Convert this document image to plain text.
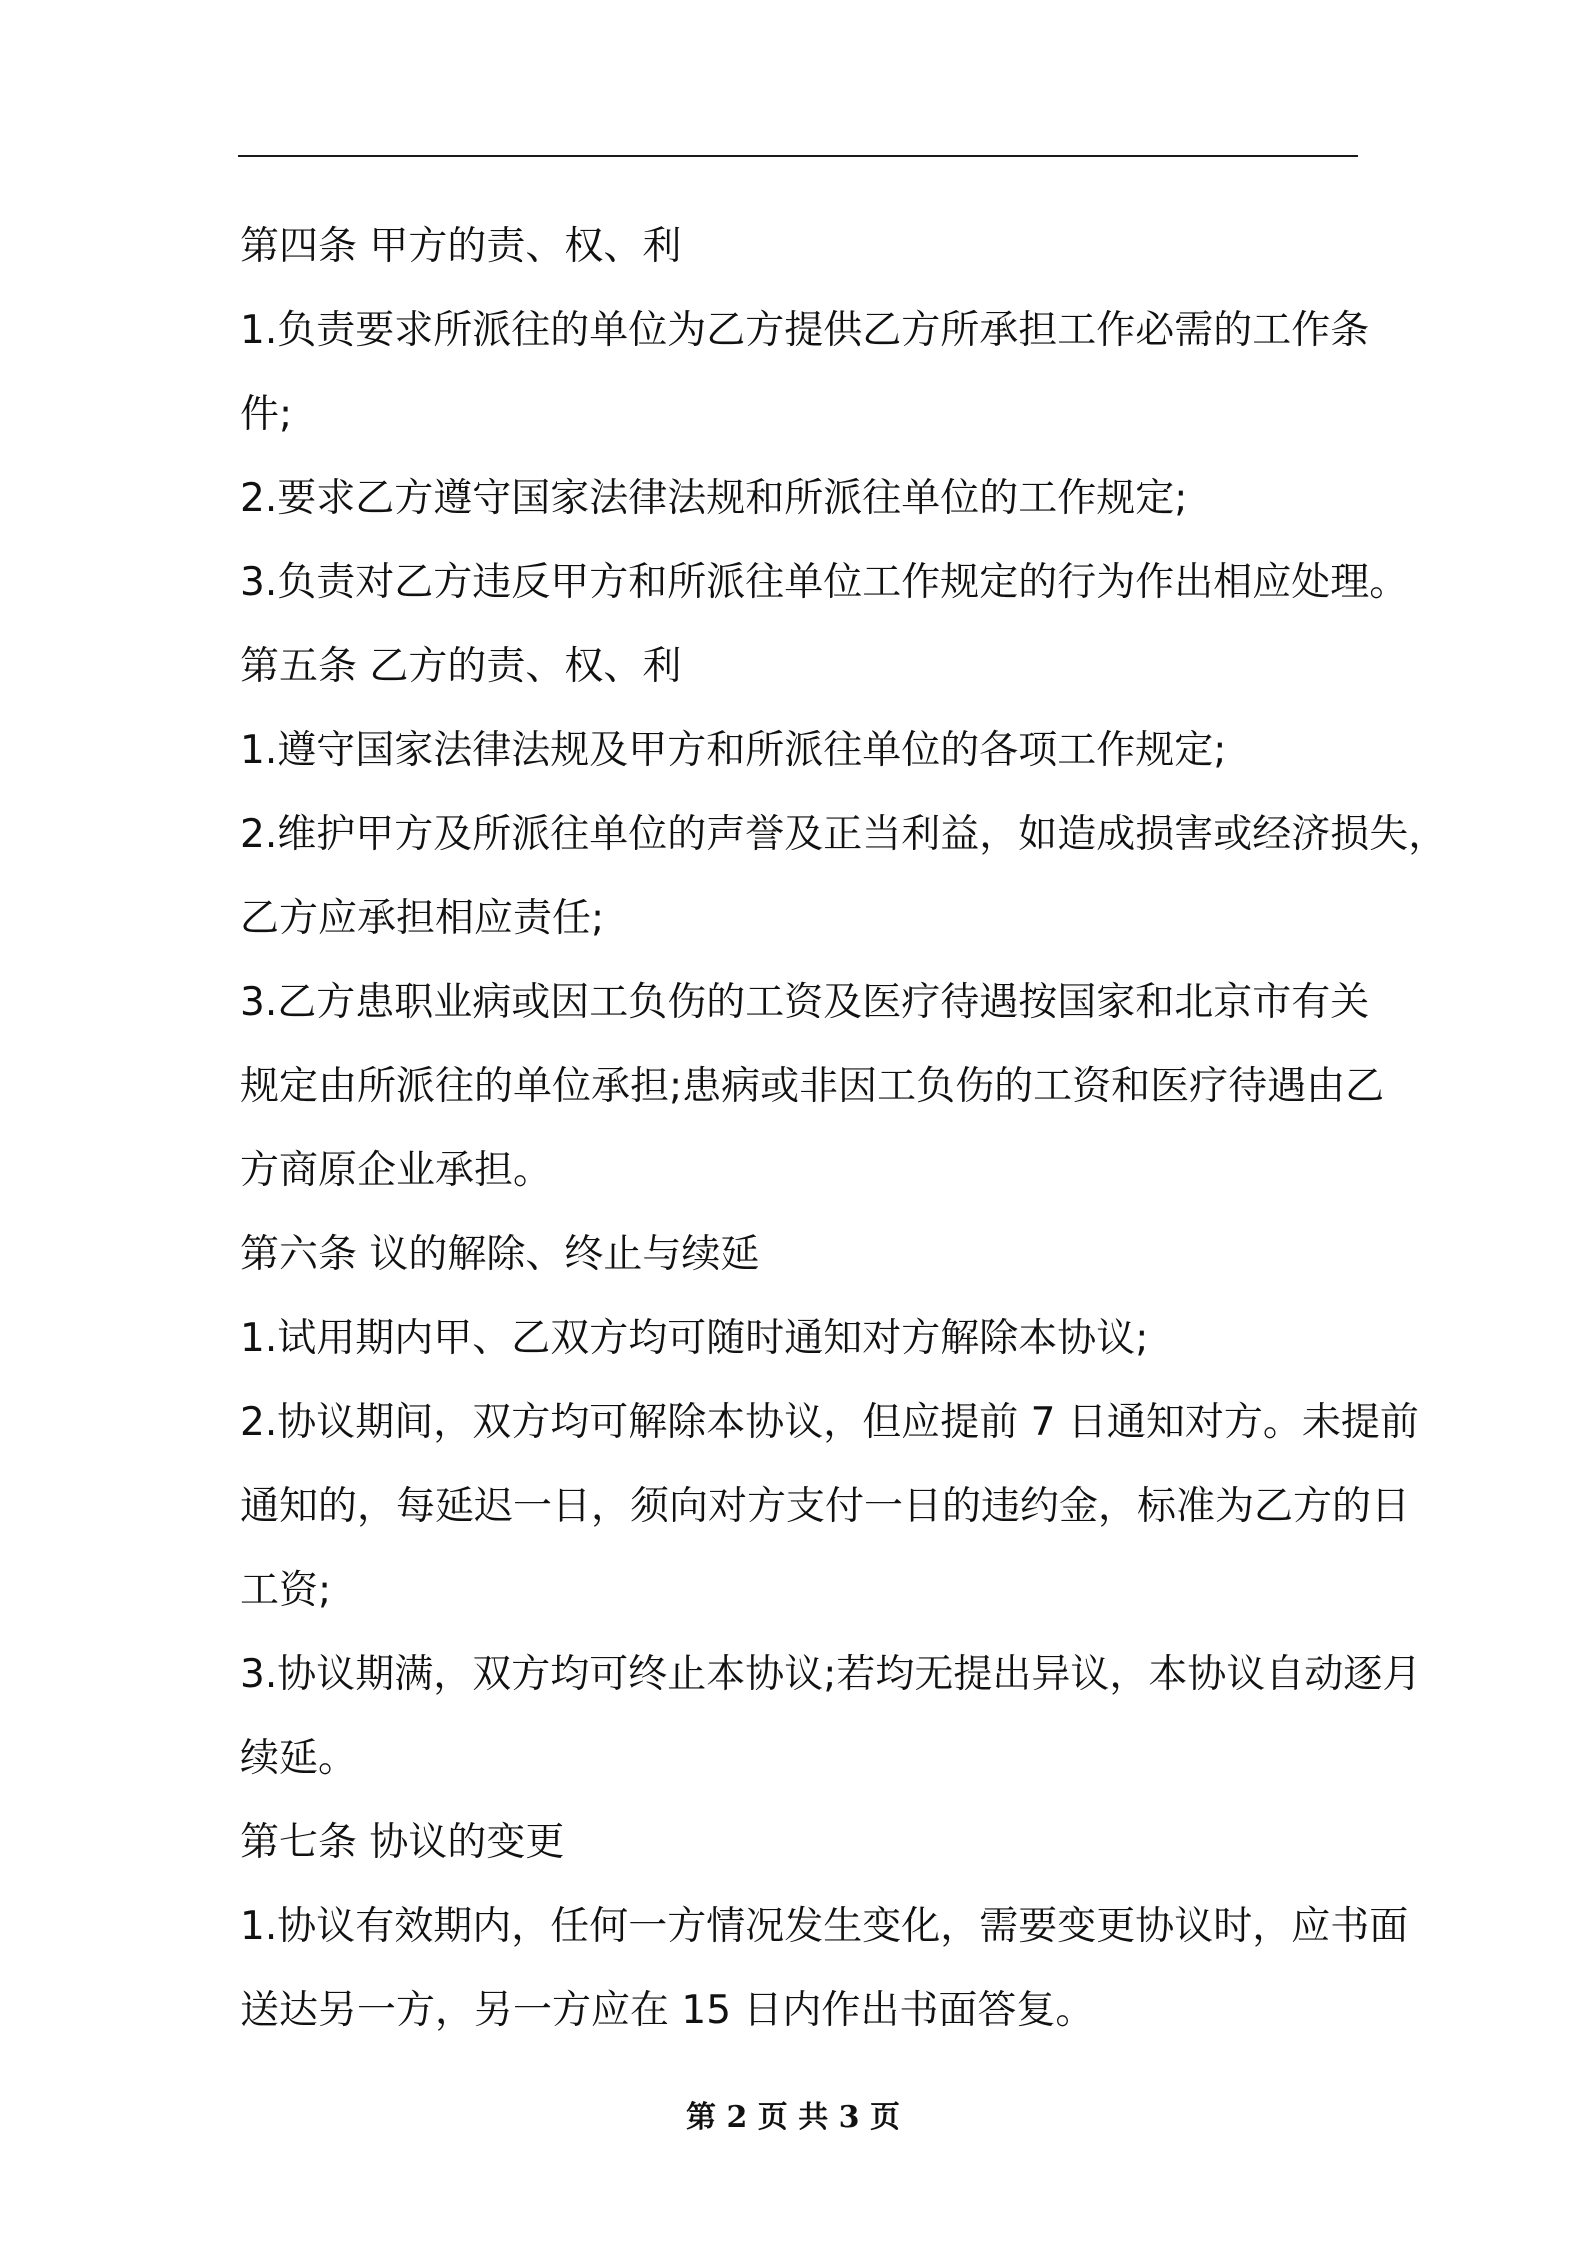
第四条 甲方的责、权、利
1.负责要求所派往的单位为乙方提供乙方所承担工作必需的工作条
件;
2.要求乙方遵守国家法律法规和所派往单位的工作规定;
3.负责对乙方违反甲方和所派往单位工作规定的行为作出相应处理。
第五条 乙方的责、权、利
1.遵守国家法律法规及甲方和所派往单位的各项工作规定;
2.维护甲方及所派往单位的声誉及正当利益，如造成损害或经济损失，
乙方应承担相应责任;
3.乙方患职业病或因工负伤的工资及医疗待遇按国家和北京市有关
规定由所派往的单位承担;患病或非因工负伤的工资和医疗待遇由乙
方商原企业承担。
第六条 议的解除、终止与续延
1.试用期内甲、乙双方均可随时通知对方解除本协议;
2.协议期间，双方均可解除本协议，但应提前 7 日通知对方。未提前
通知的，每延迟一日，须向对方支付一日的违约金，标准为乙方的日
工资;
3.协议期满，双方均可终止本协议;若均无提出异议，本协议自动逐月
续延。
第七条 协议的变更
1.协议有效期内，任何一方情况发生变化，需要变更协议时，应书面
送达另一方，另一方应在 15 日内作出书面答复。
第 2 页 共 3 页
